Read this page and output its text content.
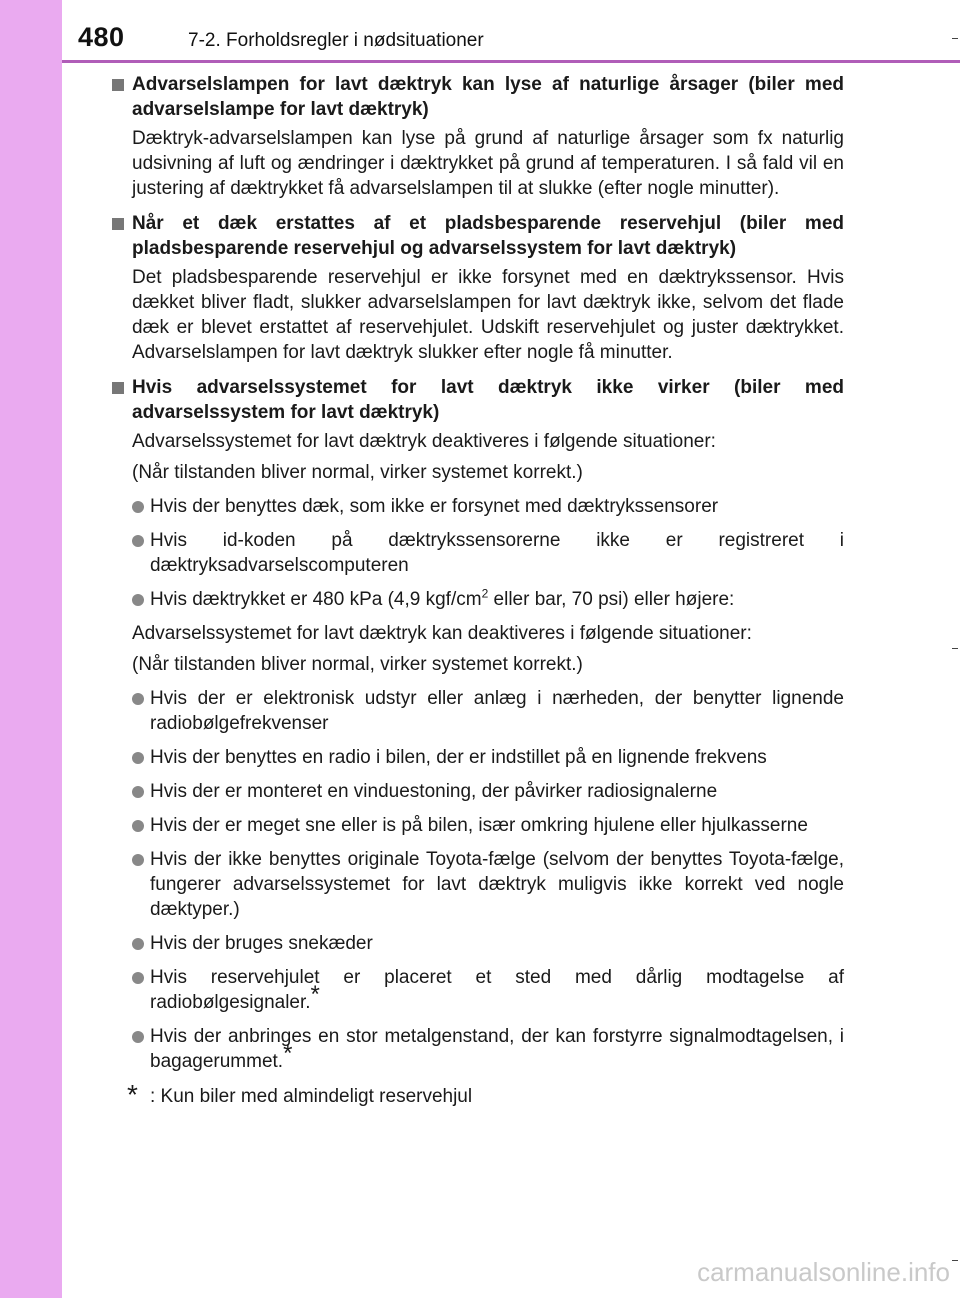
480	7-2. Forholdsregler i nødsituationer
Advarselslampen for lavt dæktryk kan lyse af naturlige årsager (biler med advarselslampe for lavt dæktryk)
Dæktryk-advarselslampen kan lyse på grund af naturlige årsager som fx naturlig udsivning af luft og ændringer i dæktrykket på grund af temperaturen. I så fald vil en justering af dæktrykket få advarselslampen til at slukke (efter nogle minutter).
Når et dæk erstattes af et pladsbesparende reservehjul (biler med pladsbesparende reservehjul og advarselssystem for lavt dæktryk)
Det pladsbesparende reservehjul er ikke forsynet med en dæktrykssensor. Hvis dækket bliver fladt, slukker advarselslampen for lavt dæktryk ikke, selvom det flade dæk er blevet erstattet af reservehjulet. Udskift reservehjulet og juster dæktrykket. Advarselslampen for lavt dæktryk slukker efter nogle få minutter.
Hvis advarselssystemet for lavt dæktryk ikke virker (biler med advarselssystem for lavt dæktryk)
Advarselssystemet for lavt dæktryk deaktiveres i følgende situationer:
(Når tilstanden bliver normal, virker systemet korrekt.)
Hvis der benyttes dæk, som ikke er forsynet med dæktrykssensorer
Hvis id-koden på dæktrykssensorerne ikke er registreret i dæktryksadvarselscomputeren
Hvis dæktrykket er 480 kPa (4,9 kgf/$cm^2$ eller bar, 70 psi) eller højere:
Advarselssystemet for lavt dæktryk kan deaktiveres i følgende situationer:
(Når tilstanden bliver normal, virker systemet korrekt.)
Hvis der er elektronisk udstyr eller anlæg i nærheden, der benytter lignende radiobølgefrekvenser
Hvis der benyttes en radio i bilen, der er indstillet på en lignende frekvens
Hvis der er monteret en vinduestoning, der påvirker radiosignalerne
Hvis der er meget sne eller is på bilen, især omkring hjulene eller hjulkasserne
Hvis der ikke benyttes originale Toyota-fælge (selvom der benyttes Toyota-fælge, fungerer advarselssystemet for lavt dæktryk muligvis ikke korrekt ved nogle dæktyper.)
Hvis der bruges snekæder
Hvis reservehjulet er placeret et sted med dårlig modtagelse af radiobølgesignaler.*
Hvis der anbringes en stor metalgenstand, der kan forstyrre signalmodtagelsen, i bagagerummet.*
* : Kun biler med almindeligt reservehjul
carmanualsonline.info
